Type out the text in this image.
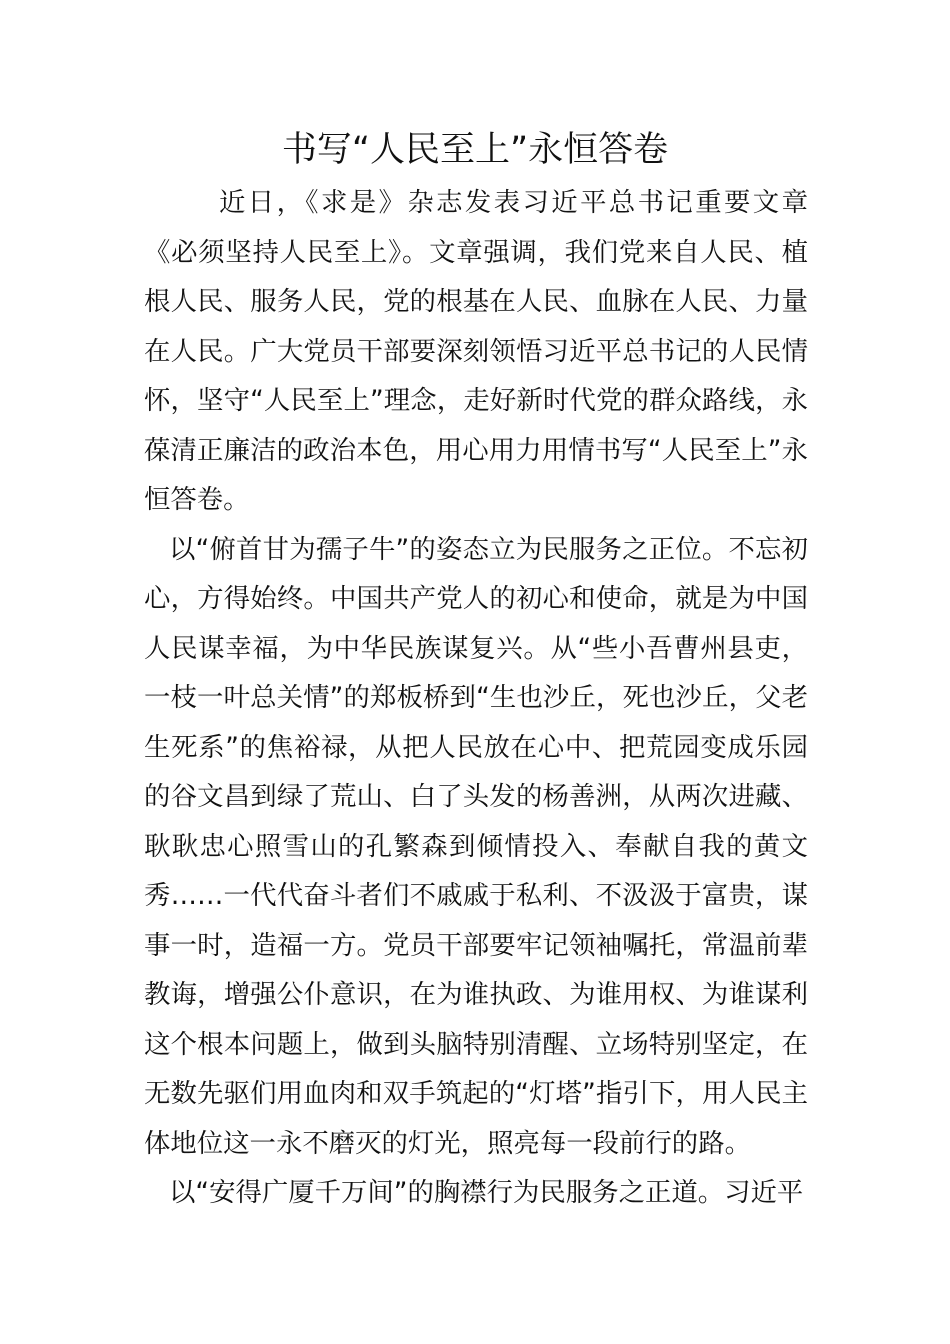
书写“人民至上”永恒答卷

近日，《求是》杂志发表习近平总书记重要文章《必须坚持人民至上》。文章强调，我们党来自人民、植根人民、服务人民，党的根基在人民、血脉在人民、力量在人民。广大党员干部要深刻领悟习近平总书记的人民情怀，坚守“人民至上”理念，走好新时代党的群众路线，永葆清正廉洁的政治本色，用心用力用情书写“人民至上”永恒答卷。

以“俯首甘为孺子牛”的姿态立为民服务之正位。不忘初心，方得始终。中国共产党人的初心和使命，就是为中国人民谋幸福，为中华民族谋复兴。从“些小吾曹州县吏，一枝一叶总关情”的郑板桥到“生也沙丘，死也沙丘，父老生死系”的焦裕禄，从把人民放在心中、把荒园变成乐园的谷文昌到绿了荒山、白了头发的杨善洲，从两次进藏、耿耿忠心照雪山的孔繁森到倾情投入、奉献自我的黄文秀……一代代奋斗者们不戚戚于私利、不汲汲于富贵，谋事一时，造福一方。党员干部要牢记领袖嘱托，常温前辈教诲，增强公仆意识，在为谁执政、为谁用权、为谁谋利这个根本问题上，做到头脑特别清醒、立场特别坚定，在无数先驱们用血肉和双手筑起的“灯塔”指引下，用人民主体地位这一永不磨灭的灯光，照亮每一段前行的路。

以“安得广厦千万间”的胸襟行为民服务之正道。习近平
